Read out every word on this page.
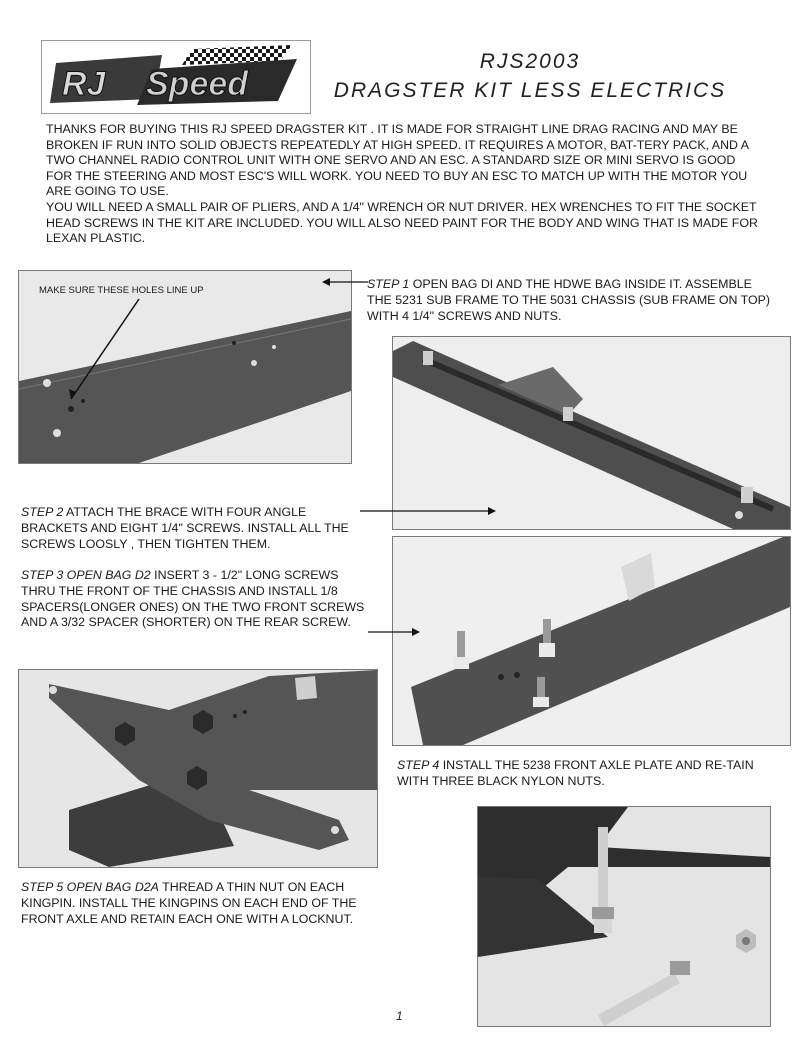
RJ Speed
RJS2003
DRAGSTER KIT LESS ELECTRICS

THANKS FOR BUYING THIS RJ SPEED DRAGSTER KIT . IT IS MADE FOR STRAIGHT LINE DRAG RACING AND MAY BE BROKEN IF RUN INTO SOLID OBJECTS REPEATEDLY AT HIGH SPEED. IT REQUIRES A MOTOR, BAT-TERY PACK, AND A TWO CHANNEL RADIO CONTROL UNIT WITH ONE SERVO AND AN ESC. A STANDARD SIZE OR MINI SERVO IS GOOD FOR THE STEERING AND MOST ESC'S WILL WORK. YOU NEED TO BUY AN ESC TO MATCH UP WITH THE MOTOR YOU ARE GOING TO USE.

YOU WILL NEED A SMALL PAIR OF PLIERS, AND A 1/4" WRENCH OR NUT DRIVER. HEX WRENCHES TO FIT THE SOCKET HEAD SCREWS IN THE KIT ARE INCLUDED. YOU WILL ALSO NEED PAINT FOR THE BODY AND WING THAT IS MADE FOR LEXAN PLASTIC.

MAKE SURE THESE HOLES LINE UP	STEP 1 OPEN BAG DI AND THE HDWE BAG INSIDE IT. ASSEMBLE THE 5231 SUB FRAME TO THE 5031 CHASSIS (SUB FRAME ON TOP) WITH 4 1/4" SCREWS AND NUTS.
STEP 2 ATTACH THE BRACE WITH FOUR ANGLE BRACKETS AND EIGHT 1/4" SCREWS. INSTALL ALL THE SCREWS LOOSLY , THEN TIGHTEN THEM.
STEP 3 OPEN BAG D2 INSERT 3 - 1/2" LONG SCREWS THRU THE FRONT OF THE CHASSIS AND INSTALL 1/8 SPACERS(LONGER ONES) ON THE TWO FRONT SCREWS AND A 3/32 SPACER (SHORTER) ON THE REAR SCREW.
STEP 4 INSTALL THE 5238 FRONT AXLE PLATE AND RE-TAIN WITH THREE BLACK NYLON NUTS.
STEP 5 OPEN BAG D2A THREAD A THIN NUT ON EACH KINGPIN. INSTALL THE KINGPINS ON EACH END OF THE FRONT AXLE AND RETAIN EACH ONE WITH A LOCKNUT.
1
